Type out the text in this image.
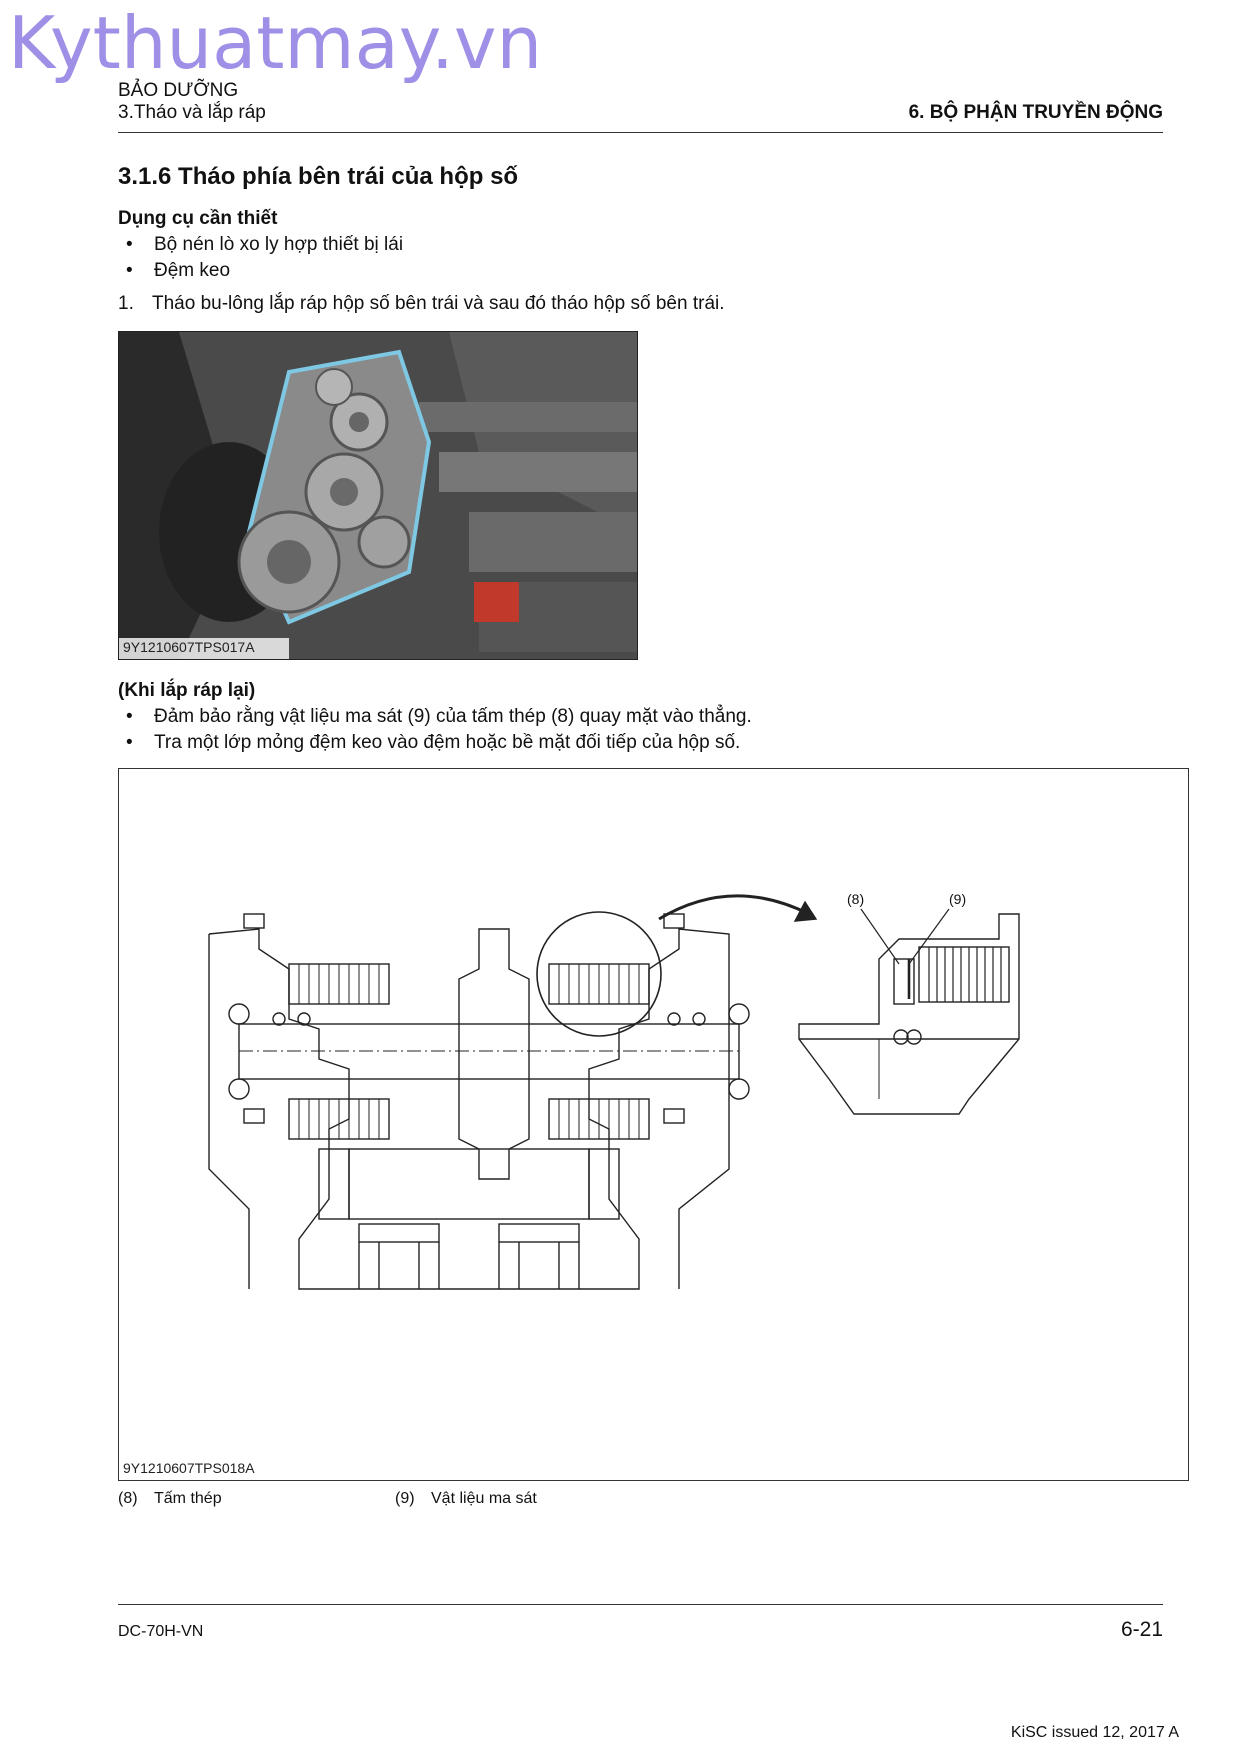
Kythuatmay.vn
BẢO DƯỠNG
3.Tháo và lắp ráp	6. BỘ PHẬN TRUYỀN ĐỘNG
3.1.6 Tháo phía bên trái của hộp số
Dụng cụ cần thiết
• Bộ nén lò xo ly hợp thiết bị lái
• Đệm keo
1. Tháo bu-lông lắp ráp hộp số bên trái và sau đó tháo hộp số bên trái.
9Y1210607TPS017A
(Khi lắp ráp lại)
• Đảm bảo rằng vật liệu ma sát (9) của tấm thép (8) quay mặt vào thẳng.
• Tra một lớp mỏng đệm keo vào đệm hoặc bề mặt đối tiếp của hộp số.
(8)	(9)
9Y1210607TPS018A
(8) Tấm thép	(9) Vật liệu ma sát
DC-70H-VN	6-21
KiSC issued 12, 2017 A
